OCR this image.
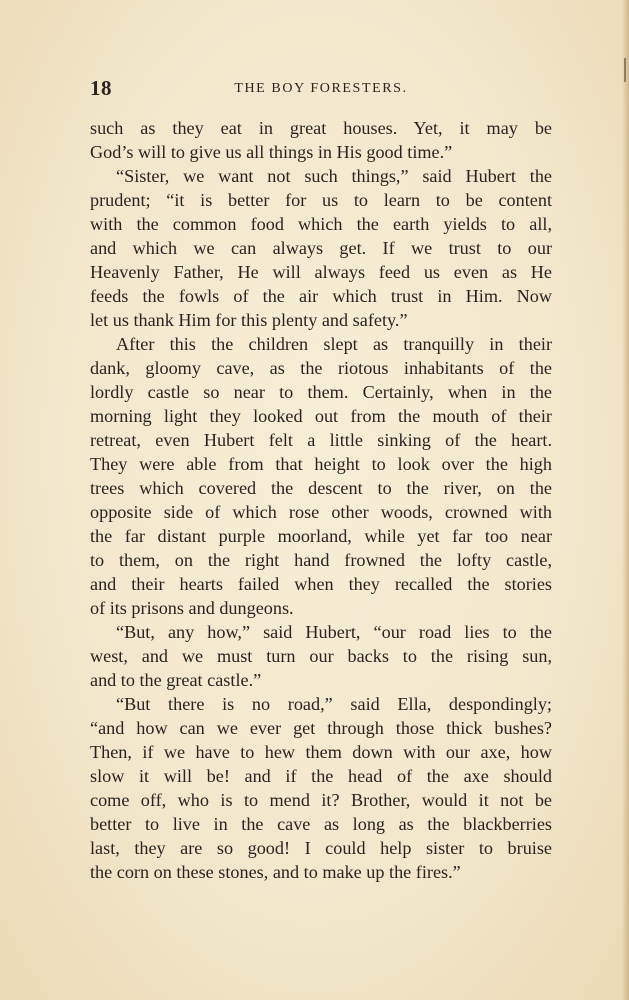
18	THE BOY FORESTERS.
such as they eat in great houses. Yet, it may be
God’s will to give us all things in His good time.”
“Sister, we want not such things,” said Hubert the
prudent; “it is better for us to learn to be content
with the common food which the earth yields to all,
and which we can always get. If we trust to our
Heavenly Father, He will always feed us even as He
feeds the fowls of the air which trust in Him. Now
let us thank Him for this plenty and safety.”
After this the children slept as tranquilly in their
dank, gloomy cave, as the riotous inhabitants of the
lordly castle so near to them. Certainly, when in the
morning light they looked out from the mouth of their
retreat, even Hubert felt a little sinking of the heart.
They were able from that height to look over the high
trees which covered the descent to the river, on the
opposite side of which rose other woods, crowned with
the far distant purple moorland, while yet far too near
to them, on the right hand frowned the lofty castle,
and their hearts failed when they recalled the stories
of its prisons and dungeons.
“But, any how,” said Hubert, “our road lies to the
west, and we must turn our backs to the rising sun,
and to the great castle.”
“But there is no road,” said Ella, despondingly;
“and how can we ever get through those thick bushes?
Then, if we have to hew them down with our axe, how
slow it will be! and if the head of the axe should
come off, who is to mend it? Brother, would it not be
better to live in the cave as long as the blackberries
last, they are so good! I could help sister to bruise
the corn on these stones, and to make up the fires.”
